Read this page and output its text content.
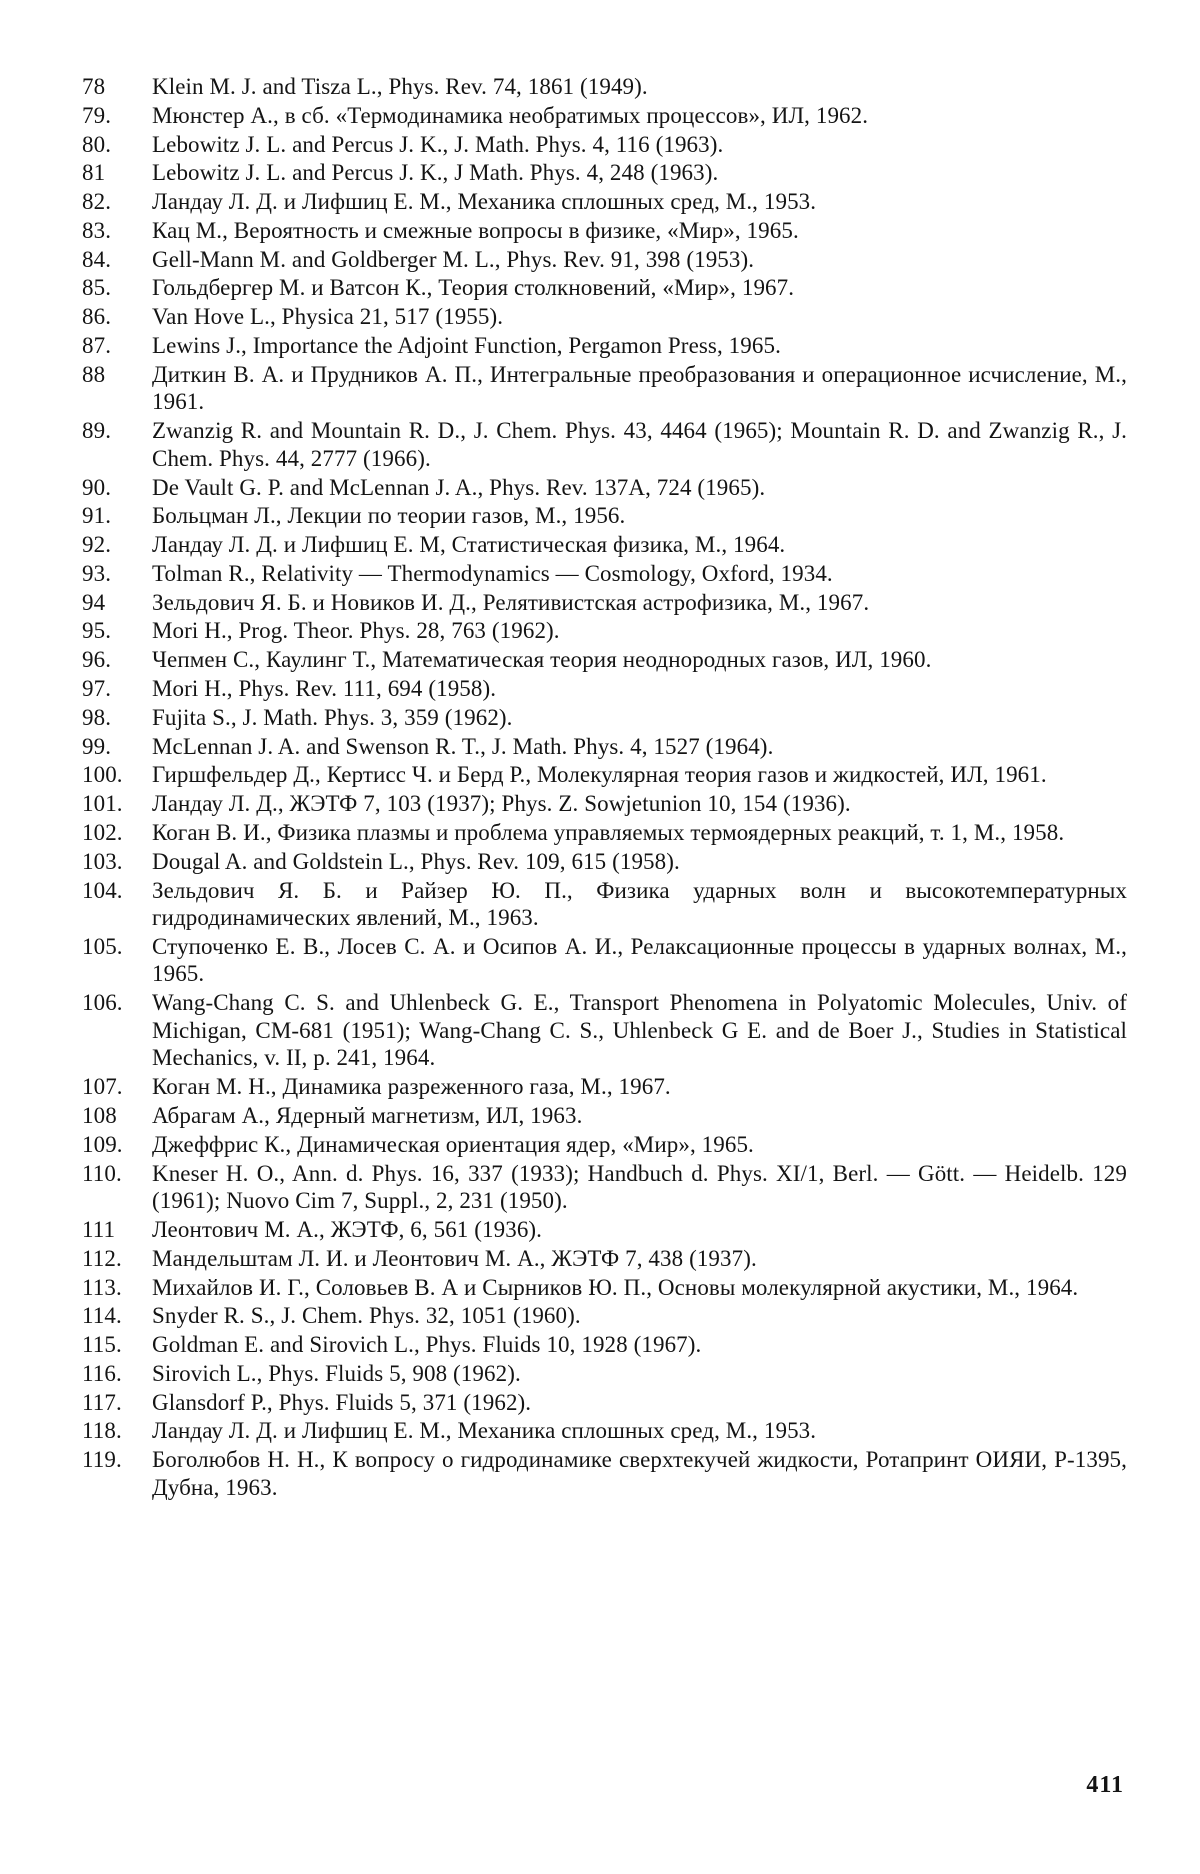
78	Klein M. J. and Tisza L., Phys. Rev. 74, 1861 (1949).
79.	Мюнстер А., в сб. «Термодинамика необратимых процессов», ИЛ, 1962.
80.	Lebowitz J. L. and Percus J. K., J. Math. Phys. 4, 116 (1963).
81	Lebowitz J. L. and Percus J. K., J Math. Phys. 4, 248 (1963).
82.	Ландау Л. Д. и Лифшиц Е. М., Механика сплошных сред, М., 1953.
83.	Кац М., Вероятность и смежные вопросы в физике, «Мир», 1965.
84.	Gell-Mann M. and Goldberger M. L., Phys. Rev. 91, 398 (1953).
85.	Гольдбергер М. и Ватсон К., Теория столкновений, «Мир», 1967.
86.	Van Hove L., Physica 21, 517 (1955).
87.	Lewins J., Importance the Adjoint Function, Pergamon Press, 1965.
88	Диткин В. А. и Прудников А. П., Интегральные преобразования и операционное исчисление, М., 1961.
89.	Zwanzig R. and Mountain R. D., J. Chem. Phys. 43, 4464 (1965); Mountain R. D. and Zwanzig R., J. Chem. Phys. 44, 2777 (1966).
90.	De Vault G. P. and McLennan J. A., Phys. Rev. 137A, 724 (1965).
91.	Больцман Л., Лекции по теории газов, М., 1956.
92.	Ландау Л. Д. и Лифшиц Е. М, Статистическая физика, М., 1964.
93.	Tolman R., Relativity — Thermodynamics — Cosmology, Oxford, 1934.
94	Зельдович Я. Б. и Новиков И. Д., Релятивистская астрофизика, М., 1967.
95.	Mori H., Prog. Theor. Phys. 28, 763 (1962).
96.	Чепмен С., Каулинг Т., Математическая теория неоднородных газов, ИЛ, 1960.
97.	Mori H., Phys. Rev. 111, 694 (1958).
98.	Fujita S., J. Math. Phys. 3, 359 (1962).
99.	McLennan J. A. and Swenson R. T., J. Math. Phys. 4, 1527 (1964).
100.	Гиршфельдер Д., Кертисс Ч. и Берд Р., Молекулярная теория газов и жидкостей, ИЛ, 1961.
101.	Ландау Л. Д., ЖЭТФ 7, 103 (1937); Phys. Z. Sowjetunion 10, 154 (1936).
102.	Коган В. И., Физика плазмы и проблема управляемых термоядерных реакций, т. 1, М., 1958.
103.	Dougal A. and Goldstein L., Phys. Rev. 109, 615 (1958).
104.	Зельдович Я. Б. и Райзер Ю. П., Физика ударных волн и высокотемпературных гидродинамических явлений, М., 1963.
105.	Ступоченко Е. В., Лосев С. А. и Осипов А. И., Релаксационные процессы в ударных волнах, М., 1965.
106.	Wang-Chang C. S. and Uhlenbeck G. E., Transport Phenomena in Polyatomic Molecules, Univ. of Michigan, CM-681 (1951); Wang-Chang C. S., Uhlenbeck G E. and de Boer J., Studies in Statistical Mechanics, v. II, p. 241, 1964.
107.	Коган М. Н., Динамика разреженного газа, М., 1967.
108	Абрагам А., Ядерный магнетизм, ИЛ, 1963.
109.	Джеффрис К., Динамическая ориентация ядер, «Мир», 1965.
110.	Kneser H. O., Ann. d. Phys. 16, 337 (1933); Handbuch d. Phys. XI/1, Berl. — Gött. — Heidelb. 129 (1961); Nuovo Cim 7, Suppl., 2, 231 (1950).
111	Леонтович М. А., ЖЭТФ, 6, 561 (1936).
112.	Мандельштам Л. И. и Леонтович М. А., ЖЭТФ 7, 438 (1937).
113.	Михайлов И. Г., Соловьев В. А и Сырников Ю. П., Основы молекулярной акустики, М., 1964.
114.	Snyder R. S., J. Chem. Phys. 32, 1051 (1960).
115.	Goldman E. and Sirovich L., Phys. Fluids 10, 1928 (1967).
116.	Sirovich L., Phys. Fluids 5, 908 (1962).
117.	Glansdorf P., Phys. Fluids 5, 371 (1962).
118.	Ландау Л. Д. и Лифшиц Е. М., Механика сплошных сред, М., 1953.
119.	Боголюбов Н. Н., К вопросу о гидродинамике сверхтекучей жидкости, Ротапринт ОИЯИ, Р-1395, Дубна, 1963.
411
